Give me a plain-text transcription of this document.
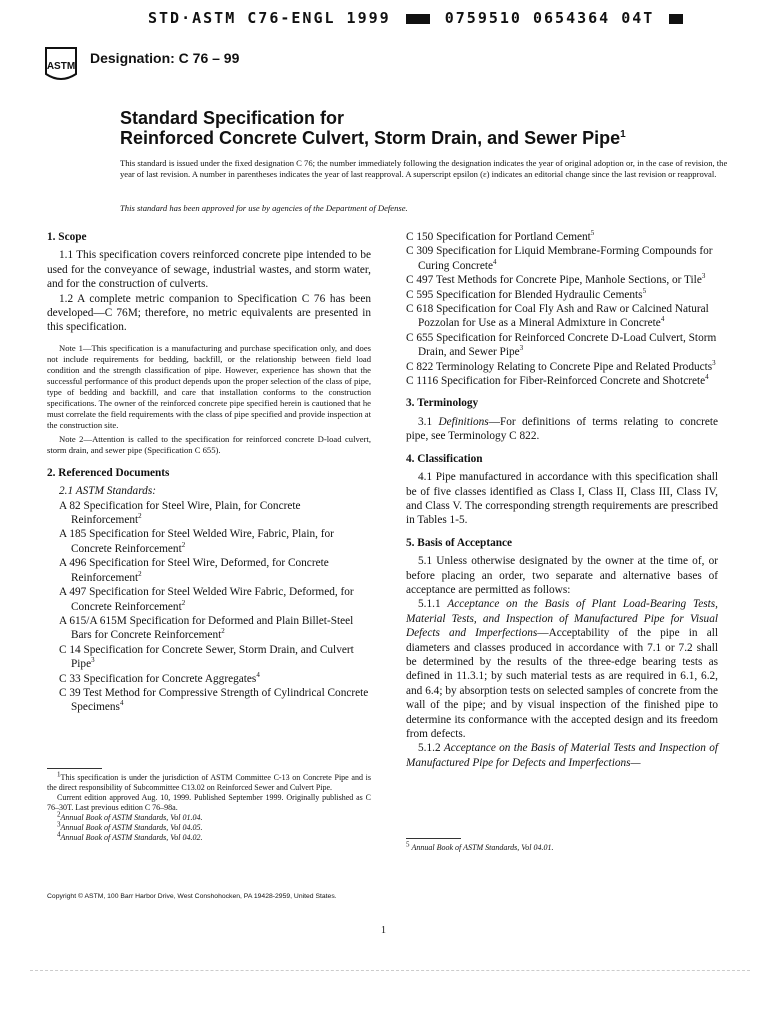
STD·ASTM C76-ENGL 1999	0759510 0654364 04T
ASTM
Designation: C 76 – 99
Standard Specification for
Reinforced Concrete Culvert, Storm Drain, and Sewer Pipe$^1$
This standard is issued under the fixed designation C 76; the number immediately following the designation indicates the year of original adoption or, in the case of revision, the year of last revision. A number in parentheses indicates the year of last reapproval. A superscript epsilon (ε) indicates an editorial change since the last revision or reapproval.
This standard has been approved for use by agencies of the Department of Defense.
1. Scope

1.1 This specification covers reinforced concrete pipe intended to be used for the conveyance of sewage, industrial wastes, and storm water, and for the construction of culverts.

1.2 A complete metric companion to Specification C 76 has been developed—C 76M; therefore, no metric equivalents are presented in this specification.

Note 1—This specification is a manufacturing and purchase specification only, and does not include requirements for bedding, backfill, or the relationship between field load condition and the strength classification of pipe. However, experience has shown that the successful performance of this product depends upon the proper selection of the class of pipe, type of bedding and backfill, and care that installation conforms to the construction specifications. The owner of the reinforced concrete pipe specified herein is cautioned that he must correlate the field requirements with the class of pipe specified and provide inspection at the construction site.

Note 2—Attention is called to the specification for reinforced concrete D-load culvert, storm drain, and sewer pipe (Specification C 655).

2. Referenced Documents

2.1 ASTM Standards:

A 82 Specification for Steel Wire, Plain, for Concrete Reinforcement$^2$

A 185 Specification for Steel Welded Wire, Fabric, Plain, for Concrete Reinforcement$^2$

A 496 Specification for Steel Wire, Deformed, for Concrete Reinforcement$^2$

A 497 Specification for Steel Welded Wire Fabric, Deformed, for Concrete Reinforcement$^2$

A 615/A 615M Specification for Deformed and Plain Billet-Steel Bars for Concrete Reinforcement$^2$

C 14 Specification for Concrete Sewer, Storm Drain, and Culvert Pipe$^3$

C 33 Specification for Concrete Aggregates$^4$

C 39 Test Method for Compressive Strength of Cylindrical Concrete Specimens$^4$

$^1$This specification is under the jurisdiction of ASTM Committee C-13 on Concrete Pipe and is the direct responsibility of Subcommittee C13.02 on Reinforced Sewer and Culvert Pipe.
Current edition approved Aug. 10, 1999. Published September 1999. Originally published as C 76–30T. Last previous edition C 76–98a.
$^2$Annual Book of ASTM Standards, Vol 01.04.
$^3$Annual Book of ASTM Standards, Vol 04.05.
$^4$Annual Book of ASTM Standards, Vol 04.02.

C 150 Specification for Portland Cement$^5$

C 309 Specification for Liquid Membrane-Forming Compounds for Curing Concrete$^4$

C 497 Test Methods for Concrete Pipe, Manhole Sections, or Tile$^3$

C 595 Specification for Blended Hydraulic Cements$^5$

C 618 Specification for Coal Fly Ash and Raw or Calcined Natural Pozzolan for Use as a Mineral Admixture in Concrete$^4$

C 655 Specification for Reinforced Concrete D-Load Culvert, Storm Drain, and Sewer Pipe$^3$

C 822 Terminology Relating to Concrete Pipe and Related Products$^3$

C 1116 Specification for Fiber-Reinforced Concrete and Shotcrete$^4$

3. Terminology

3.1 Definitions—For definitions of terms relating to concrete pipe, see Terminology C 822.

4. Classification

4.1 Pipe manufactured in accordance with this specification shall be of five classes identified as Class I, Class II, Class III, Class IV, and Class V. The corresponding strength requirements are prescribed in Tables 1-5.

5. Basis of Acceptance

5.1 Unless otherwise designated by the owner at the time of, or before placing an order, two separate and alternative bases of acceptance are permitted as follows:

5.1.1 Acceptance on the Basis of Plant Load-Bearing Tests, Material Tests, and Inspection of Manufactured Pipe for Visual Defects and Imperfections—Acceptability of the pipe in all diameters and classes produced in accordance with 7.1 or 7.2 shall be determined by the results of the three-edge bearing tests as defined in 11.3.1; by such material tests as are required in 6.1, 6.2, and 6.4; by absorption tests on selected samples of concrete from the wall of the pipe; and by visual inspection of the finished pipe to determine its conformance with the accepted design and its freedom from defects.

5.1.2 Acceptance on the Basis of Material Tests and Inspection of Manufactured Pipe for Defects and Imperfections—

$^5$ Annual Book of ASTM Standards, Vol 04.01.
Copyright © ASTM, 100 Barr Harbor Drive, West Conshohocken, PA 19428-2959, United States.
1
